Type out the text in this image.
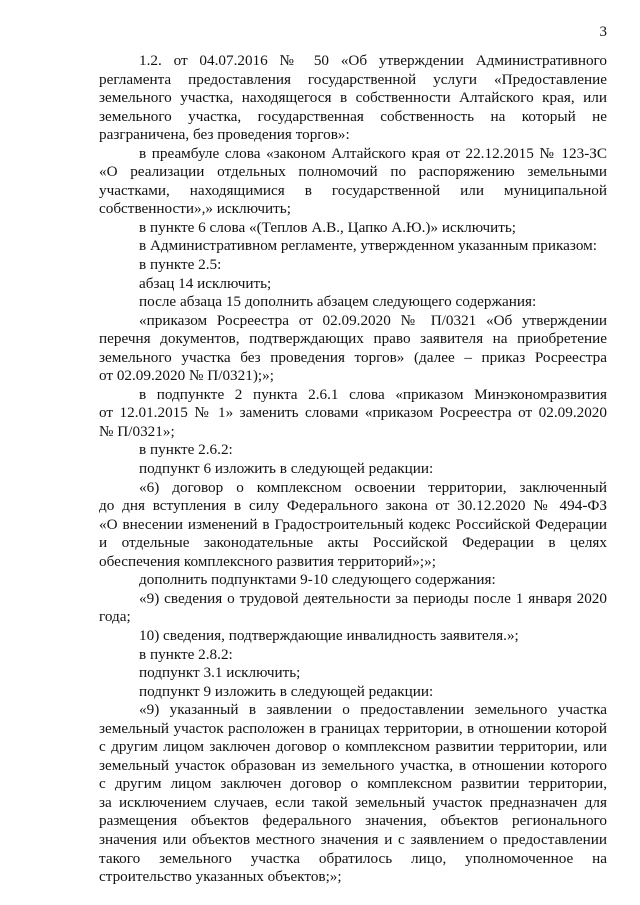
3
1.2. от 04.07.2016 № 50 «Об утверждении Административного
регламента предоставления государственной услуги «Предоставление
земельного участка, находящегося в собственности Алтайского края, или
земельного участка, государственная собственность на который не
разграничена, без проведения торгов»:
в преамбуле слова «законом Алтайского края от 22.12.2015 № 123-ЗС
«О реализации отдельных полномочий по распоряжению земельными
участками, находящимися в государственной или муниципальной
собственности»,» исключить;
в пункте 6 слова «(Теплов А.В., Цапко А.Ю.)» исключить;
в Административном регламенте, утвержденном указанным приказом:
в пункте 2.5:
абзац 14 исключить;
после абзаца 15 дополнить абзацем следующего содержания:
«приказом Росреестра от 02.09.2020 № П/0321 «Об утверждении
перечня документов, подтверждающих право заявителя на приобретение
земельного участка без проведения торгов» (далее – приказ Росреестра
от 02.09.2020 № П/0321);»;
в подпункте 2 пункта 2.6.1 слова «приказом Минэкономразвития
от 12.01.2015 № 1» заменить словами «приказом Росреестра от 02.09.2020
№ П/0321»;
в пункте 2.6.2:
подпункт 6 изложить в следующей редакции:
«6) договор о комплексном освоении территории, заключенный
до дня вступления в силу Федерального закона от 30.12.2020 № 494-ФЗ
«О внесении изменений в Градостроительный кодекс Российской Федерации
и отдельные законодательные акты Российской Федерации в целях
обеспечения комплексного развития территорий»;»;
дополнить подпунктами 9-10 следующего содержания:
«9) сведения о трудовой деятельности за периоды после 1 января 2020
года;
10) сведения, подтверждающие инвалидность заявителя.»;
в пункте 2.8.2:
подпункт 3.1 исключить;
подпункт 9 изложить в следующей редакции:
«9) указанный в заявлении о предоставлении земельного участка
земельный участок расположен в границах территории, в отношении которой
с другим лицом заключен договор о комплексном развитии территории, или
земельный участок образован из земельного участка, в отношении которого
с другим лицом заключен договор о комплексном развитии территории,
за исключением случаев, если такой земельный участок предназначен для
размещения объектов федерального значения, объектов регионального
значения или объектов местного значения и с заявлением о предоставлении
такого земельного участка обратилось лицо, уполномоченное на
строительство указанных объектов;»;
